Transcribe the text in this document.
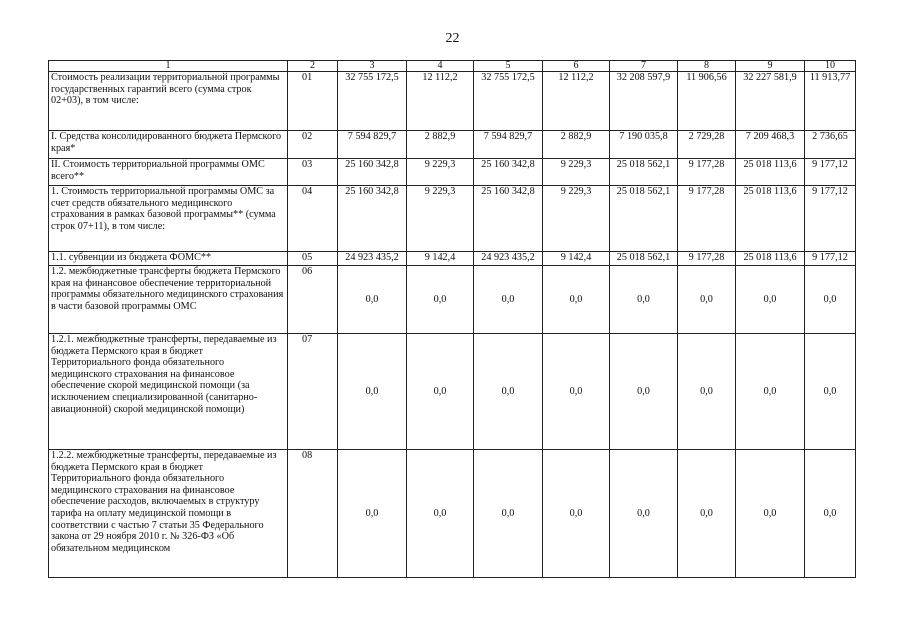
22
1	2	3	4	5	6	7	8	9	10
Стоимость реализации территориальной программы государственных гарантий всего (сумма строк 02+03), в том числе:	01	32 755 172,5	12 112,2	32 755 172,5	12 112,2	32 208 597,9	11 906,56	32 227 581,9	11 913,77
I. Средства консолидированного бюджета Пермского края*	02	7 594 829,7	2 882,9	7 594 829,7	2 882,9	7 190 035,8	2 729,28	7 209 468,3	2 736,65
II. Стоимость территориальной программы ОМС всего**	03	25 160 342,8	9 229,3	25 160 342,8	9 229,3	25 018 562,1	9 177,28	25 018 113,6	9 177,12
1. Стоимость территориальной программы ОМС за счет средств обязательного медицинского страхования в рамках базовой программы** (сумма строк 07+11), в том числе:	04	25 160 342,8	9 229,3	25 160 342,8	9 229,3	25 018 562,1	9 177,28	25 018 113,6	9 177,12
1.1. субвенции из бюджета ФОМС**	05	24 923 435,2	9 142,4	24 923 435,2	9 142,4	25 018 562,1	9 177,28	25 018 113,6	9 177,12
1.2. межбюджетные трансферты бюджета Пермского края на финансовое обеспечение территориальной программы обязательного медицинского страхования в части базовой программы ОМС	06	0,0	0,0	0,0	0,0	0,0	0,0	0,0	0,0
1.2.1. межбюджетные трансферты, передаваемые из бюджета Пермского края в бюджет Территориального фонда обязательного медицинского страхования на финансовое обеспечение скорой медицинской помощи (за исключением специализированной (санитарно-авиационной) скорой медицинской помощи)	07	0,0	0,0	0,0	0,0	0,0	0,0	0,0	0,0
1.2.2. межбюджетные трансферты, передаваемые из бюджета Пермского края в бюджет Территориального фонда обязательного медицинского страхования на финансовое обеспечение расходов, включаемых в структуру тарифа на оплату медицинской помощи в соответствии с частью 7 статьи 35 Федерального закона от 29 ноября 2010 г. № 326-ФЗ «Об обязательном медицинском	08	0,0	0,0	0,0	0,0	0,0	0,0	0,0	0,0
